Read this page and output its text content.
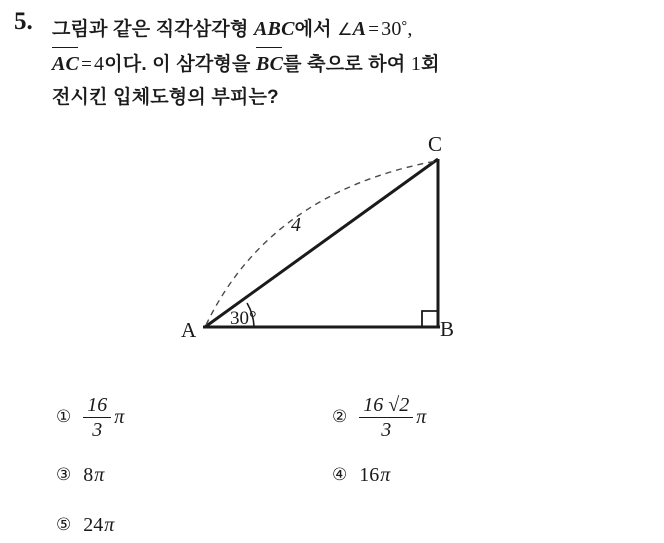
5. 그림과 같은 직각삼각형 ABC에서 ∠A = 30°,
AC = 4이다. 이 삼각형을 BC를 축으로 하여 1회
전시킨 입체도형의 부피는?
C
A	B
4
30°
① $\frac{16}{3}$ π	② $\frac{16 √2}{3}$ π
③ 8 π	④ 16 π
⑤ 24 π
